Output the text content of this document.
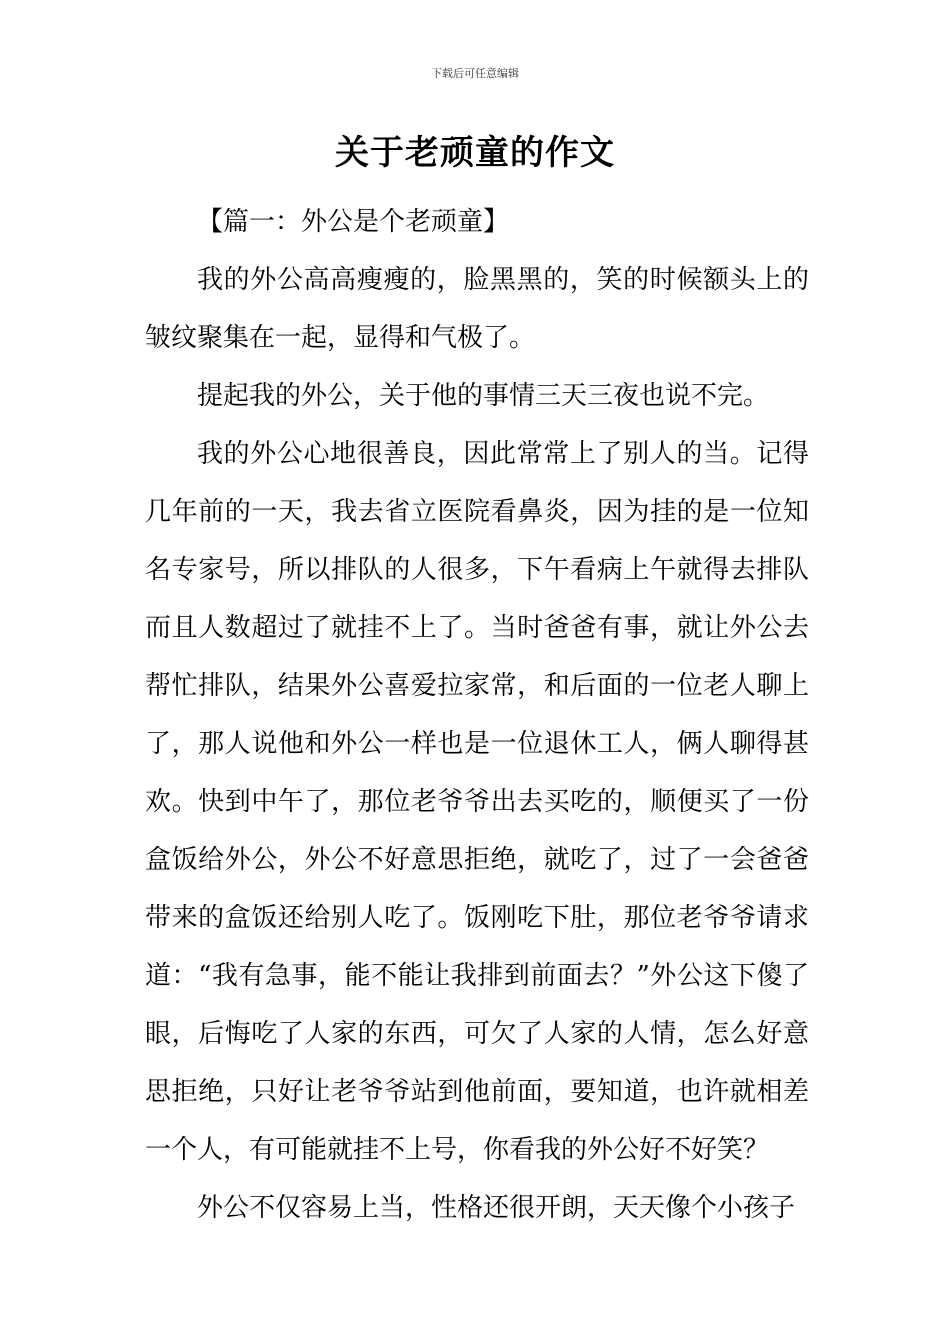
下载后可任意编辑
关于老顽童的作文

【篇一：外公是个老顽童】

我的外公高高瘦瘦的，脸黑黑的，笑的时候额头上的皱纹聚集在一起，显得和气极了。

提起我的外公，关于他的事情三天三夜也说不完。

我的外公心地很善良，因此常常上了别人的当。记得几年前的一天，我去省立医院看鼻炎，因为挂的是一位知名专家号，所以排队的人很多，下午看病上午就得去排队而且人数超过了就挂不上了。当时爸爸有事，就让外公去帮忙排队，结果外公喜爱拉家常，和后面的一位老人聊上了，那人说他和外公一样也是一位退休工人，俩人聊得甚欢。快到中午了，那位老爷爷出去买吃的，顺便买了一份盒饭给外公，外公不好意思拒绝，就吃了，过了一会爸爸带来的盒饭还给别人吃了。饭刚吃下肚，那位老爷爷请求道：“我有急事，能不能让我排到前面去？”外公这下傻了眼，后悔吃了人家的东西，可欠了人家的人情，怎么好意思拒绝，只好让老爷爷站到他前面，要知道，也许就相差一个人，有可能就挂不上号，你看我的外公好不好笑？

外公不仅容易上当，性格还很开朗，天天像个小孩子
